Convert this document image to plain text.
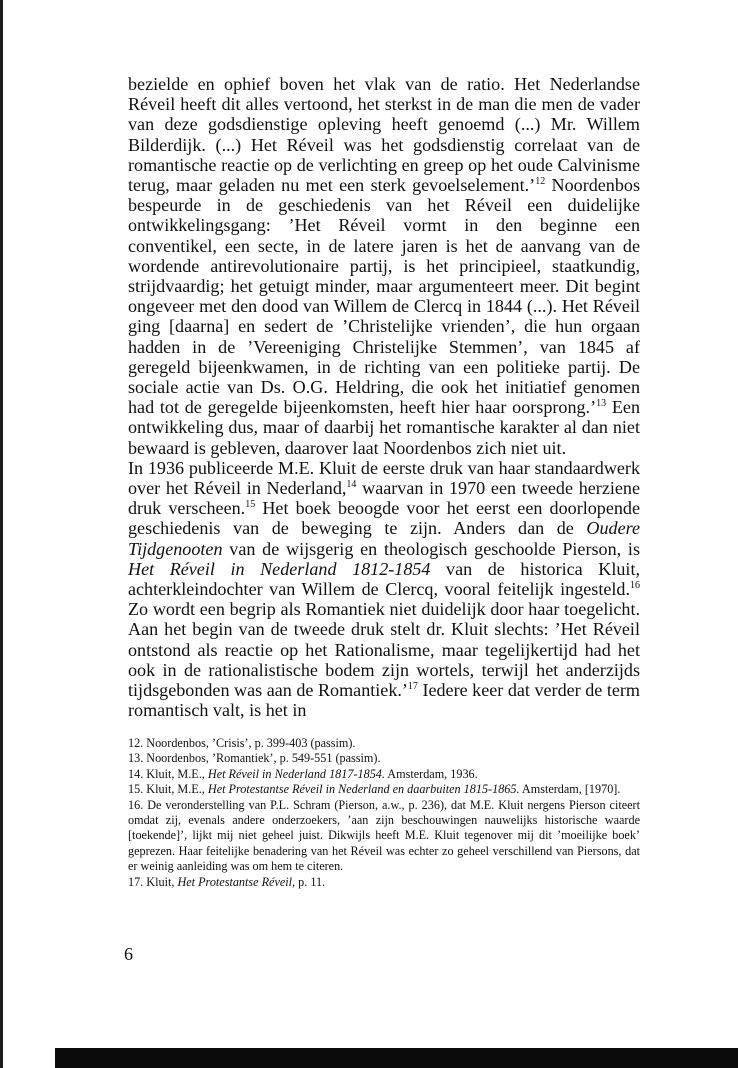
bezielde en ophief boven het vlak van de ratio. Het Nederlandse Réveil heeft dit alles vertoond, het sterkst in de man die men de vader van deze godsdienstige opleving heeft genoemd (...) Mr. Willem Bilderdijk. (...) Het Réveil was het godsdienstig correlaat van de romantische reactie op de verlichting en greep op het oude Calvinisme terug, maar geladen nu met een sterk gevoelselement.’$^{12}$ Noordenbos bespeurde in de geschiedenis van het Réveil een duidelijke ontwikkelingsgang: ’Het Réveil vormt in den beginne een conventikel, een secte, in de latere jaren is het de aanvang van de wordende antirevolutionaire partij, is het principieel, staatkundig, strijdvaardig; het getuigt minder, maar argumenteert meer. Dit begint ongeveer met den dood van Willem de Clercq in 1844 (...). Het Réveil ging [daarna] en sedert de ’Christelijke vrienden’, die hun orgaan hadden in de ’Vereeniging Christelijke Stemmen’, van 1845 af geregeld bijeenkwamen, in de richting van een politieke partij. De sociale actie van Ds. O.G. Heldring, die ook het initiatief genomen had tot de geregelde bijeenkomsten, heeft hier haar oorsprong.’$^{13}$ Een ontwikkeling dus, maar of daarbij het romantische karakter al dan niet bewaard is gebleven, daarover laat Noordenbos zich niet uit.

In 1936 publiceerde M.E. Kluit de eerste druk van haar standaardwerk over het Réveil in Nederland,$^{14}$ waarvan in 1970 een tweede herziene druk verscheen.$^{15}$ Het boek beoogde voor het eerst een doorlopende geschiedenis van de beweging te zijn. Anders dan de Oudere Tijdgenooten van de wijsgerig en theologisch geschoolde Pierson, is Het Réveil in Nederland 1812-1854 van de historica Kluit, achterkleindochter van Willem de Clercq, vooral feitelijk ingesteld.$^{16}$ Zo wordt een begrip als Romantiek niet duidelijk door haar toegelicht. Aan het begin van de tweede druk stelt dr. Kluit slechts: ’Het Réveil ontstond als reactie op het Rationalisme, maar tegelijkertijd had het ook in de rationalistische bodem zijn wortels, terwijl het anderzijds tijdsgebonden was aan de Romantiek.’$^{17}$ Iedere keer dat verder de term romantisch valt, is het in

12. Noordenbos, ’Crisis’, p. 399-403 (passim).

13. Noordenbos, ’Romantiek’, p. 549-551 (passim).

14. Kluit, M.E., Het Réveil in Nederland 1817-1854. Amsterdam, 1936.

15. Kluit, M.E., Het Protestantse Réveil in Nederland en daarbuiten 1815-1865. Amsterdam, [1970].

16. De veronderstelling van P.L. Schram (Pierson, a.w., p. 236), dat M.E. Kluit nergens Pierson citeert omdat zij, evenals andere onderzoekers, ’aan zijn beschouwingen nauwelijks historische waarde [toekende]’, lijkt mij niet geheel juist. Dikwijls heeft M.E. Kluit tegenover mij dit ’moeilijke boek’ geprezen. Haar feitelijke benadering van het Réveil was echter zo geheel verschillend van Piersons, dat er weinig aanleiding was om hem te citeren.

17. Kluit, Het Protestantse Réveil, p. 11.

6
